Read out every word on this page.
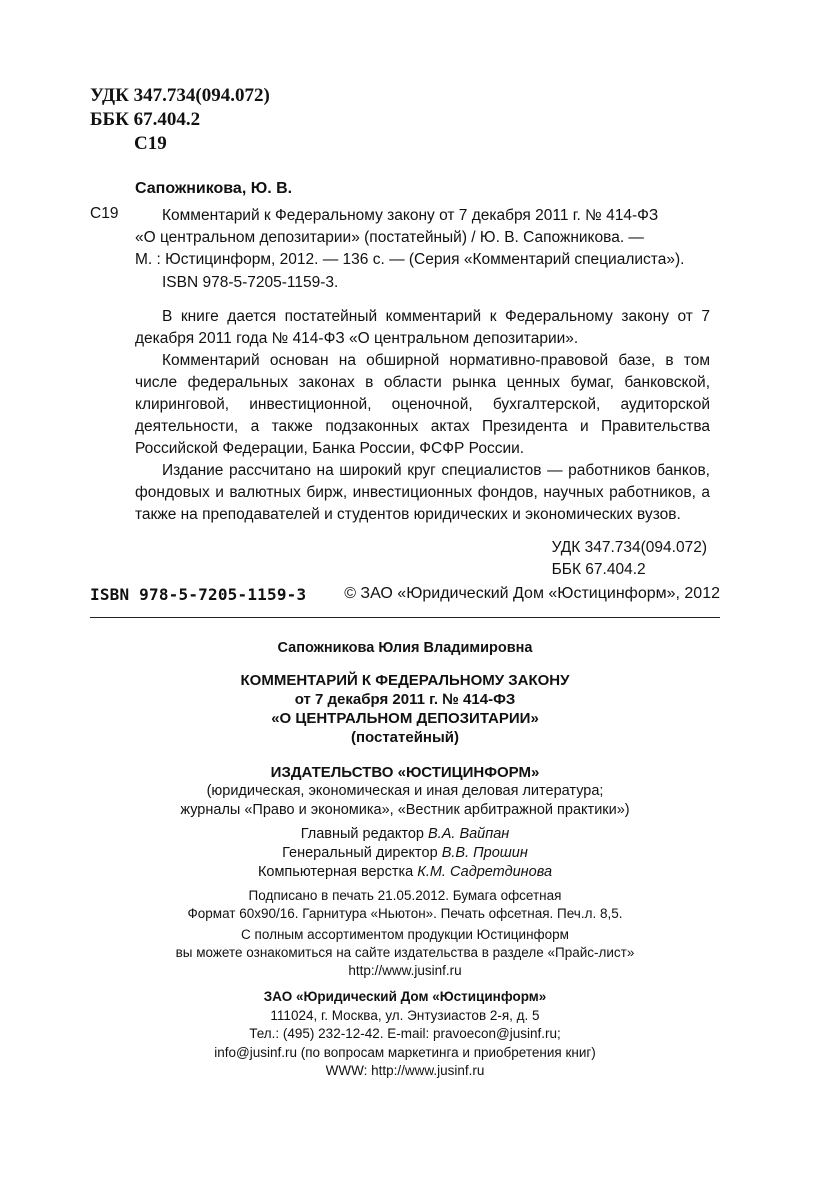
УДК 347.734(094.072)
ББК 67.404.2
С19
Сапожникова, Ю. В.
С19	Комментарий к Федеральному закону от 7 декабря 2011 г. № 414-ФЗ
«О центральном депозитарии» (постатейный) / Ю. В. Сапожникова. —
М. : Юстицинформ, 2012. — 136 с. — (Серия «Комментарий специалиста»).
ISBN 978-5-7205-1159-3.

В книге дается постатейный комментарий к Федеральному закону от 7 декабря 2011 года № 414-ФЗ «О центральном депозитарии».

Комментарий основан на обширной нормативно-правовой базе, в том числе федеральных законах в области рынка ценных бумаг, банковской, клиринговой, инвестиционной, оценочной, бухгалтерской, аудиторской деятельности, а также подзаконных актах Президента и Правительства Российской Федерации, Банка России, ФСФР России.

Издание рассчитано на широкий круг специалистов — работников банков, фондовых и валютных бирж, инвестиционных фондов, научных работников, а также на преподавателей и студентов юридических и экономических вузов.

УДК 347.734(094.072)
ББК 67.404.2
ISBN 978-5-7205-1159-3 © ЗАО «Юридический Дом «Юстицинформ», 2012
Сапожникова Юлия Владимировна
КОММЕНТАРИЙ К ФЕДЕРАЛЬНОМУ ЗАКОНУ
от 7 декабря 2011 г. № 414-ФЗ
«О ЦЕНТРАЛЬНОМ ДЕПОЗИТАРИИ»
(постатейный)
ИЗДАТЕЛЬСТВО «ЮСТИЦИНФОРМ»
(юридическая, экономическая и иная деловая литература;
журналы «Право и экономика», «Вестник арбитражной практики»)
Главный редактор В.А. Вайпан
Генеральный директор В.В. Прошин
Компьютерная верстка К.М. Садретдинова
Подписано в печать 21.05.2012. Бумага офсетная
Формат 60х90/16. Гарнитура «Ньютон». Печать офсетная. Печ.л. 8,5.
С полным ассортиментом продукции Юстицинформ
вы можете ознакомиться на сайте издательства в разделе «Прайс-лист»
http://www.jusinf.ru
ЗАО «Юридический Дом «Юстицинформ»
111024, г. Москва, ул. Энтузиастов 2-я, д. 5
Тел.: (495) 232-12-42. E-mail: pravoecon@jusinf.ru;
info@jusinf.ru (по вопросам маркетинга и приобретения книг)
WWW: http://www.jusinf.ru
